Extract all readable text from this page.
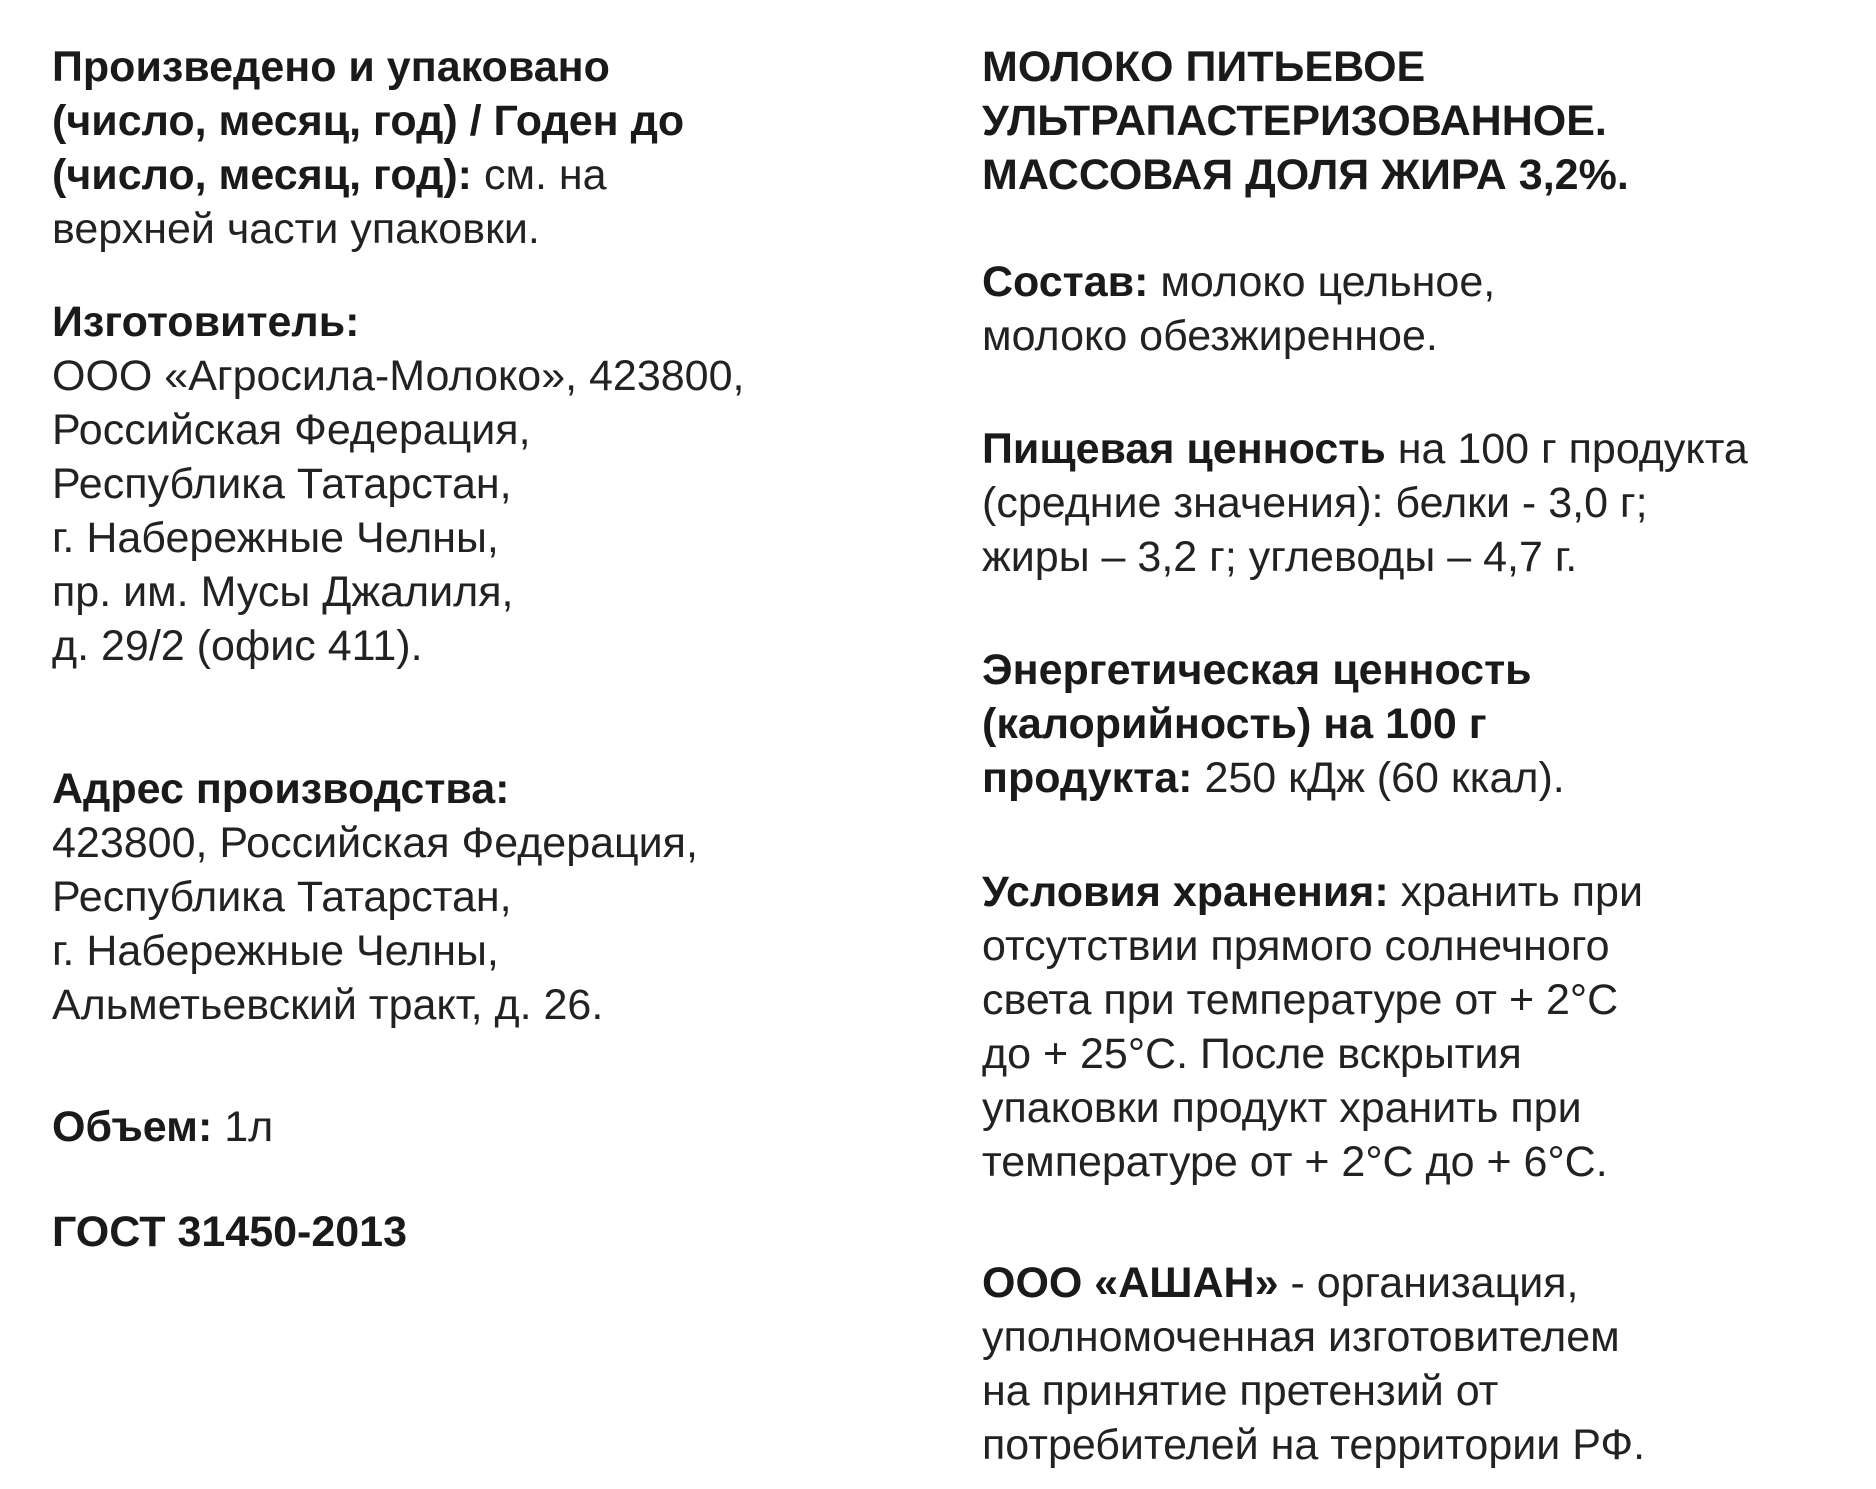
Произведено и упаковано
(число, месяц, год) / Годен до
(число, месяц, год): см. на
верхней части упаковки.
Изготовитель:
ООО «Агросила-Молоко», 423800,
Российская Федерация,
Республика Татарстан,
г. Набережные Челны,
пр. им. Мусы Джалиля,
д. 29/2 (офис 411).
Адрес производства:
423800, Российская Федерация,
Республика Татарстан,
г. Набережные Челны,
Альметьевский тракт, д. 26.
Объем: 1л
ГОСТ 31450-2013
МОЛОКО ПИТЬЕВОЕ
УЛЬТРАПАСТЕРИЗОВАННОЕ.
МАССОВАЯ ДОЛЯ ЖИРА 3,2%.
Состав: молоко цельное,
молоко обезжиренное.
Пищевая ценность на 100 г продукта
(средние значения): белки - 3,0 г;
жиры – 3,2 г; углеводы – 4,7 г.
Энергетическая ценность
(калорийность) на 100 г
продукта: 250 кДж (60 ккал).
Условия хранения: хранить при
отсутствии прямого солнечного
света при температуре от + 2°С
до + 25°С. После вскрытия
упаковки продукт хранить при
температуре от + 2°С до + 6°С.
ООО «АШАН» - организация,
уполномоченная изготовителем
на принятие претензий от
потребителей на территории РФ.
